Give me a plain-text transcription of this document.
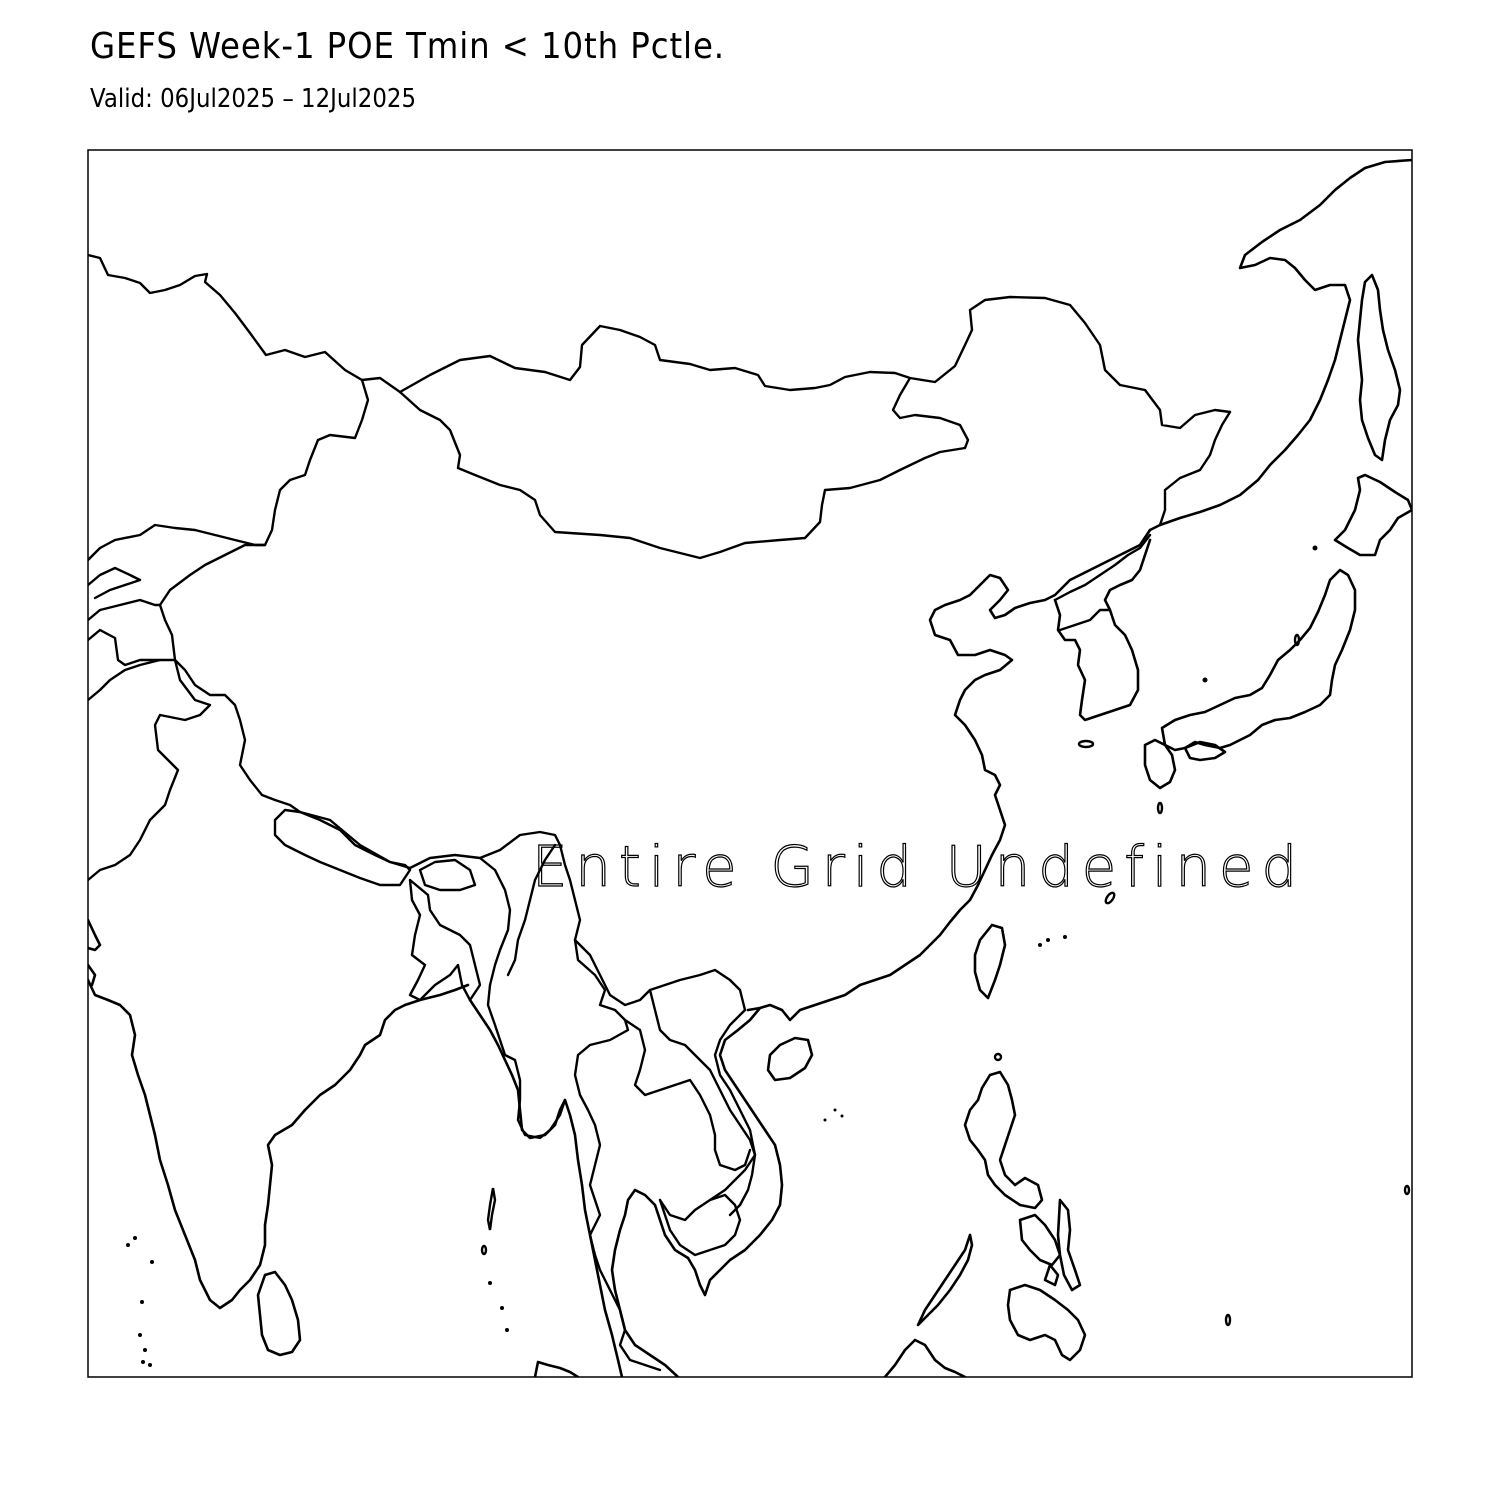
GEFS Week-1 POE Tmin < 10th Pctle.
Valid: 06Jul2025 – 12Jul2025
Entire Grid Undefined
